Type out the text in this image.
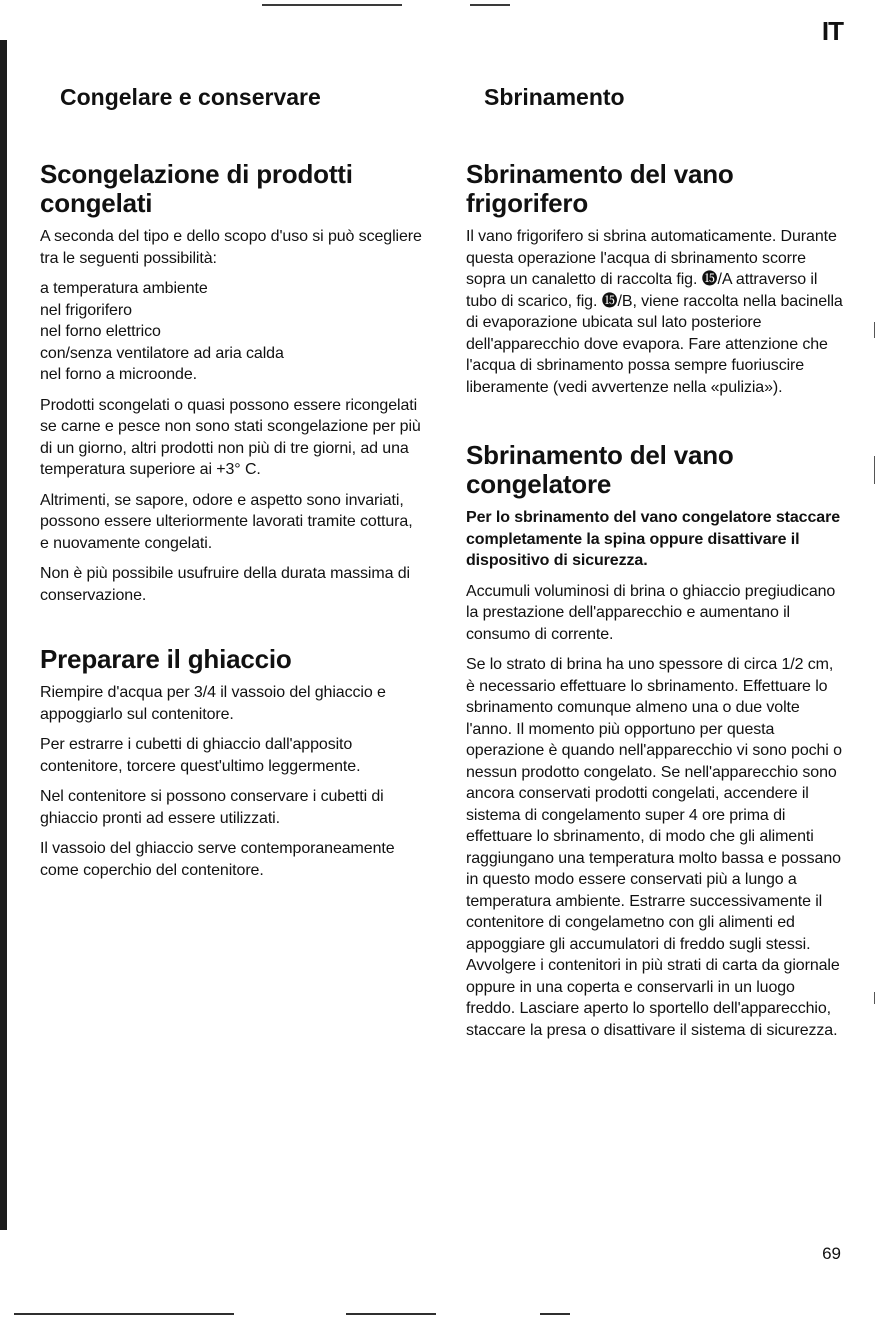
IT
Congelare e conservare	Sbrinamento
Scongelazione di prodotti congelati

A seconda del tipo e dello scopo d'uso si può scegliere tra le seguenti possibilità:

a temperatura ambiente
nel frigorifero
nel forno elettrico
con/senza ventilatore ad aria calda
nel forno a microonde.

Prodotti scongelati o quasi possono essere ricongelati se carne e pesce non sono stati scongelazione per più di un giorno, altri prodotti non più di tre giorni, ad una temperatura superiore ai +3° C.

Altrimenti, se sapore, odore e aspetto sono invariati, possono essere ulteriormente lavorati tramite cottura, e nuovamente congelati.

Non è più possibile usufruire della durata massima di conservazione.

Preparare il ghiaccio

Riempire d'acqua per 3/4 il vassoio del ghiaccio e appoggiarlo sul contenitore.

Per estrarre i cubetti di ghiaccio dall'apposito contenitore, torcere quest'ultimo leggermente.

Nel contenitore si possono conservare i cubetti di ghiaccio pronti ad essere utilizzati.

Il vassoio del ghiaccio serve contemporaneamente come coperchio del contenitore.

Sbrinamento del vano frigorifero

Il vano frigorifero si sbrina automaticamente. Durante questa operazione l'acqua di sbrinamento scorre sopra un canaletto di raccolta fig. ⓯/A attraverso il tubo di scarico, fig. ⓯/B, viene raccolta nella bacinella di evaporazione ubicata sul lato posteriore dell'apparecchio dove evapora. Fare attenzione che l'acqua di sbrinamento possa sempre fuoriuscire liberamente (vedi avvertenze nella «pulizia»).

Sbrinamento del vano congelatore

Per lo sbrinamento del vano congelatore staccare completamente la spina oppure disattivare il dispositivo di sicurezza.

Accumuli voluminosi di brina o ghiaccio pregiudicano la prestazione dell'apparecchio e aumentano il consumo di corrente.

Se lo strato di brina ha uno spessore di circa 1/2 cm, è necessario effettuare lo sbrinamento. Effettuare lo sbrinamento comunque almeno una o due volte l'anno. Il momento più opportuno per questa operazione è quando nell'apparecchio vi sono pochi o nessun prodotto congelato. Se nell'apparecchio sono ancora conservati prodotti congelati, accendere il sistema di congelamento super 4 ore prima di effettuare lo sbrinamento, di modo che gli alimenti raggiungano una temperatura molto bassa e possano in questo modo essere conservati più a lungo a temperatura ambiente. Estrarre successivamente il contenitore di congelametno con gli alimenti ed appoggiare gli accumulatori di freddo sugli stessi. Avvolgere i contenitori in più strati di carta da giornale oppure in una coperta e conservarli in un luogo freddo. Lasciare aperto lo sportello dell'apparecchio, staccare la presa o disattivare il sistema di sicurezza.

69
